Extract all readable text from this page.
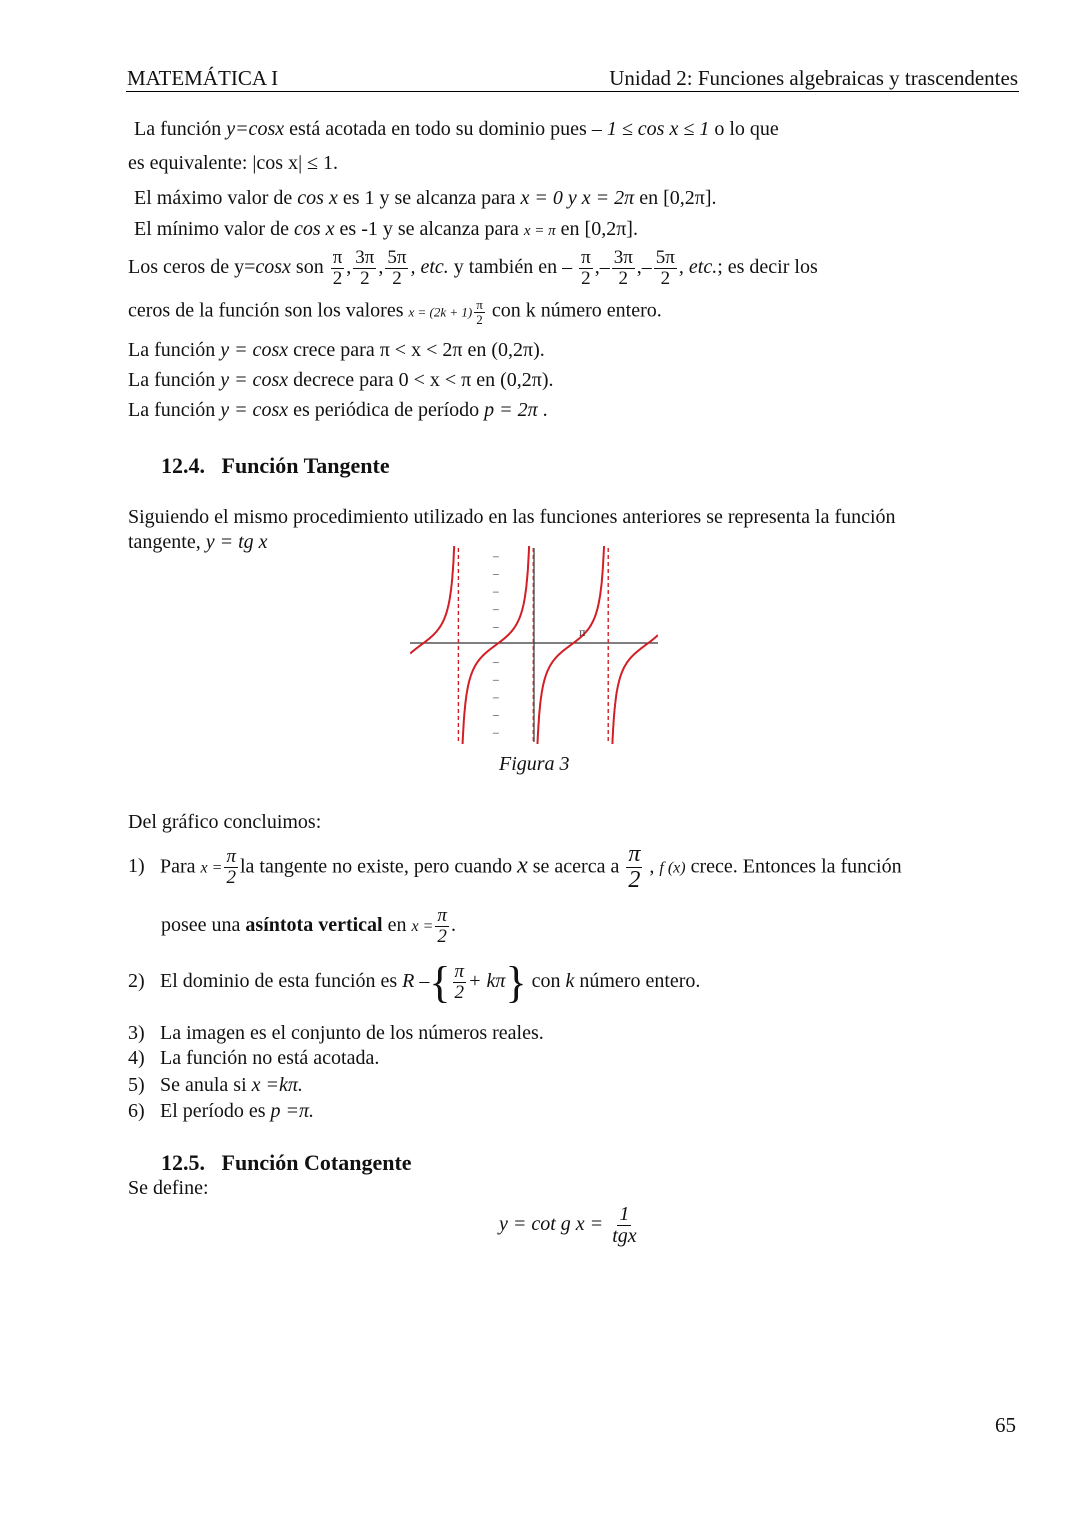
MATEMÁTICA I	Unidad 2: Funciones algebraicas y trascendentes
La función y=cosx está acotada en todo su dominio pues – 1 ≤ cos x ≤ 1 o lo que
es equivalente: |cos x| ≤ 1.
El máximo valor de cos x es 1 y se alcanza para x = 0 y x = 2π en [0,2π].
El mínimo valor de cos x es -1 y se alcanza para x = π en [0,2π].
Los ceros de y=cosx son $\frac{\pi}{2}$ , $\frac{3\pi}{2}$ , $\frac{5\pi}{2}$ , etc. y también en – $\frac{\pi}{2}$ ,– $\frac{3\pi}{2}$ ,– $\frac{5\pi}{2}$ , etc.; es decir los
ceros de la función son los valores $x = (2k + 1) \frac{\pi}{2}$ con k número entero.
La función y = cosx crece para π < x < 2π en (0,2π).
La función y = cosx decrece para 0 < x < π en (0,2π).
La función y = cosx es periódica de período p = 2π .
12.4. Función Tangente
Siguiendo el mismo procedimiento utilizado en las funciones anteriores se representa la función
tangente, y = tg x
π
Figura 3
Del gráfico concluimos:
1) Para $x = \frac{\pi}{2}$ la tangente no existe, pero cuando x se acerca a $\frac{\pi}{2}$ , f (x) crece. Entonces la función
posee una asíntota vertical en $x = \frac{\pi}{2}$ .
2) El dominio de esta función es R –{ $\frac{\pi}{2} + k\pi$} con k número entero.
3) La imagen es el conjunto de los números reales.
4) La función no está acotada.
5) Se anula si x =kπ.
6) El período es p =π.
12.5. Función Cotangente
Se define:
y = cot g $x = \frac{1}{\text{tgx}}$
65
